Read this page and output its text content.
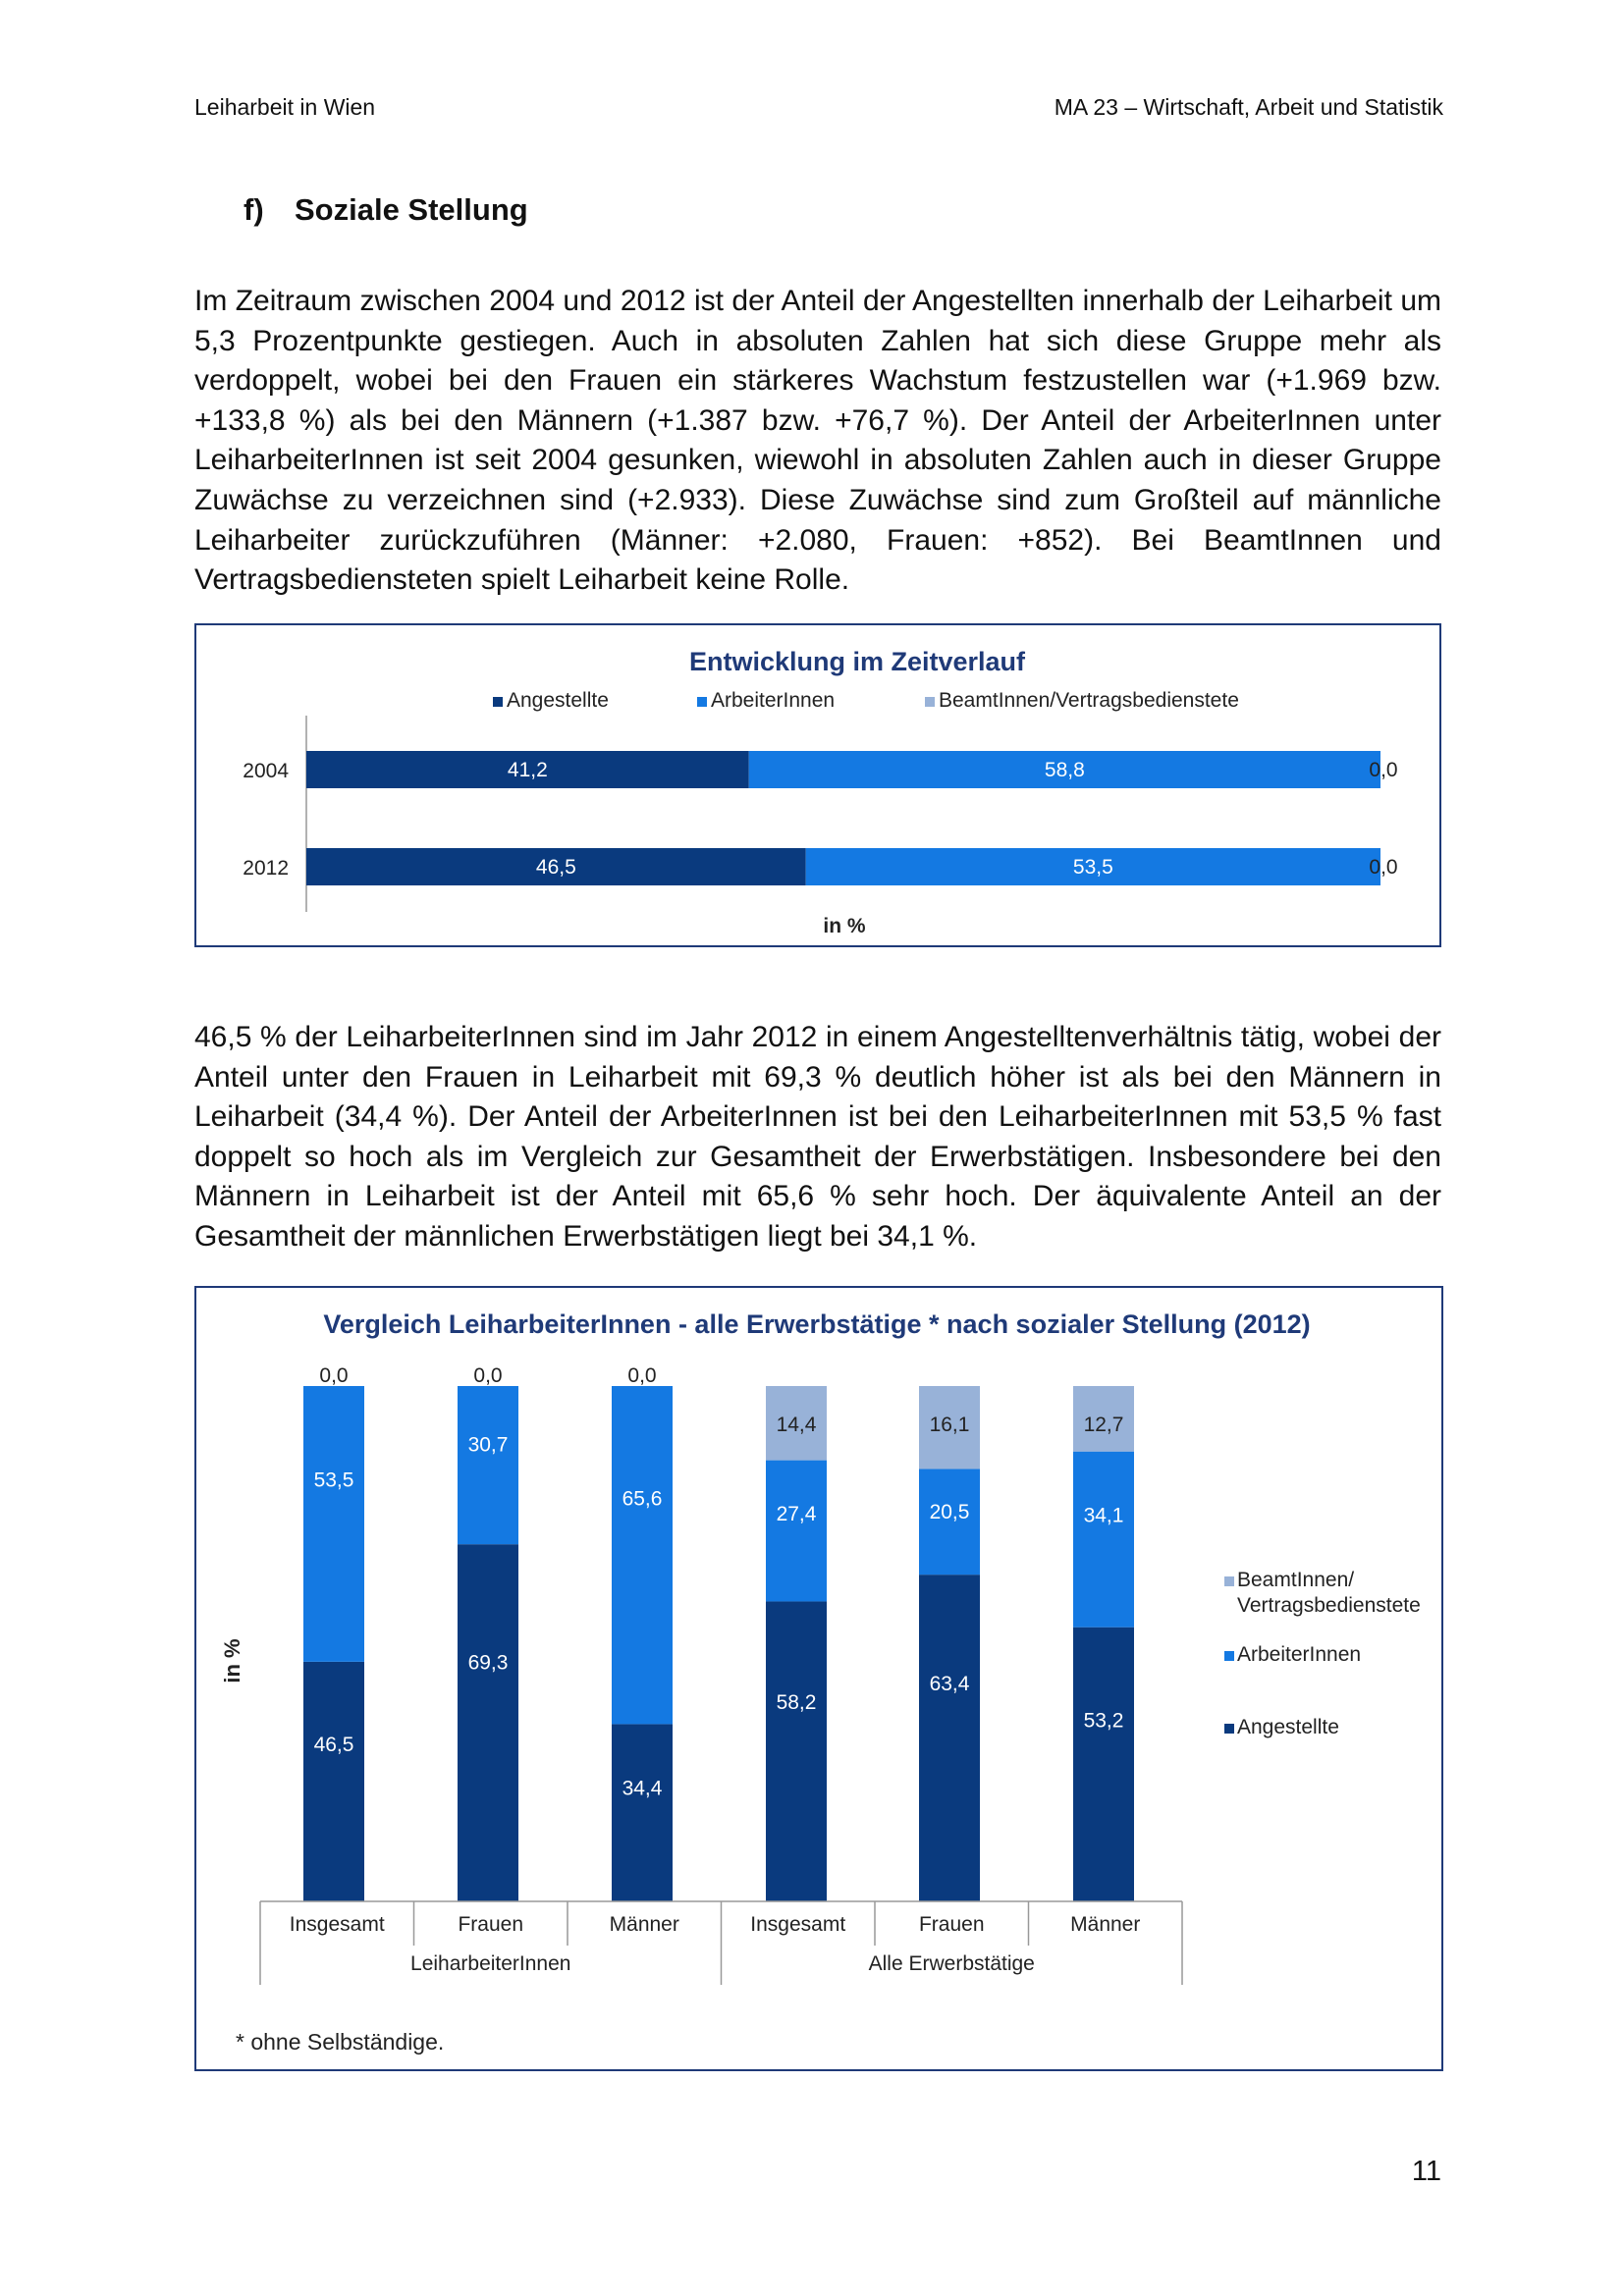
Leiharbeit in Wien	MA 23 – Wirtschaft, Arbeit und Statistik
f) Soziale Stellung

Im Zeitraum zwischen 2004 und 2012 ist der Anteil der Angestellten innerhalb der Leiharbeit um 5,3 Prozentpunkte gestiegen. Auch in absoluten Zahlen hat sich diese Gruppe mehr als verdoppelt, wobei bei den Frauen ein stärkeres Wachstum festzustellen war (+1.969 bzw. +133,8 %) als bei den Männern (+1.387 bzw. +76,7 %). Der Anteil der ArbeiterInnen unter LeiharbeiterInnen ist seit 2004 gesunken, wiewohl in absoluten Zahlen auch in dieser Gruppe Zuwächse zu verzeichnen sind (+2.933). Diese Zuwächse sind zum Großteil auf männliche Leiharbeiter zurückzuführen (Männer: +2.080, Frauen: +852). Bei BeamtInnen und Vertragsbediensteten spielt Leiharbeit keine Rolle.

Entwicklung im Zeitverlauf
Angestellte	ArbeiterInnen	BeamtInnen/Vertragsbedienstete
2004	41,2	58,8	0,0
2012	46,5	53,5	0,0
in %

46,5 % der LeiharbeiterInnen sind im Jahr 2012 in einem Angestelltenverhältnis tätig, wobei der Anteil unter den Frauen in Leiharbeit mit 69,3 % deutlich höher ist als bei den Männern in Leiharbeit (34,4 %). Der Anteil der ArbeiterInnen ist bei den LeiharbeiterInnen mit 53,5 % fast doppelt so hoch als im Vergleich zur Gesamtheit der Erwerbstätigen. Insbesondere bei den Männern in Leiharbeit ist der Anteil mit 65,6 % sehr hoch. Der äquivalente Anteil an der Gesamtheit der männlichen Erwerbstätigen liegt bei 34,1 %.

Vergleich LeiharbeiterInnen - alle Erwerbstätige * nach sozialer Stellung (2012)
in %
46,5
53,5
0,0
69,3
30,7
0,0
34,4
65,6
0,0
58,2
27,4
14,4
63,4
20,5
16,1
53,2
34,1
12,7
Insgesamt	Frauen	Männer	Insgesamt	Frauen	Männer
LeiharbeiterInnen	Alle Erwerbstätige
BeamtInnen/
Vertragsbedienstete
ArbeiterInnen
Angestellte
* ohne Selbständige.
11
